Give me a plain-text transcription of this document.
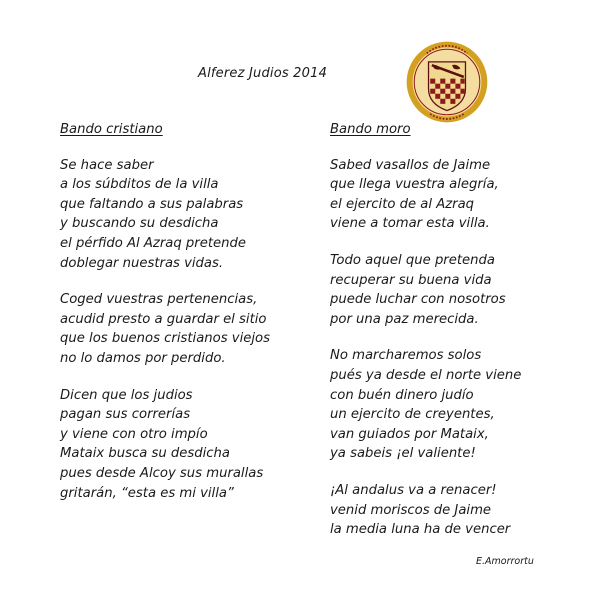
Alferez Judios 2014
Bando cristiano
Se hace saber
a los súbditos de la villa
que faltando a sus palabras
y buscando su desdicha
el pérfido Al Azraq pretende
doblegar nuestras vidas.
Coged vuestras pertenencias,
acudid presto a guardar el sitio
que los buenos cristianos viejos
no lo damos por perdido.
Dicen que los judios
pagan sus correrías
y viene con otro impío
Mataix busca su desdicha
pues desde Alcoy sus murallas
gritarán, “esta es mi villa”
Bando moro
Sabed vasallos de Jaime
que llega vuestra alegría,
el ejercito de al Azraq
viene a tomar esta villa.
Todo aquel que pretenda
recuperar su buena vida
puede luchar con nosotros
por una paz merecida.
No marcharemos solos
pués ya desde el norte viene
con buén dinero judío
un ejercito de creyentes,
van guiados por Mataix,
ya sabeis ¡el valiente!
¡Al andalus va a renacer!
venid moriscos de Jaime
la media luna ha de vencer
E.Amorrortu
